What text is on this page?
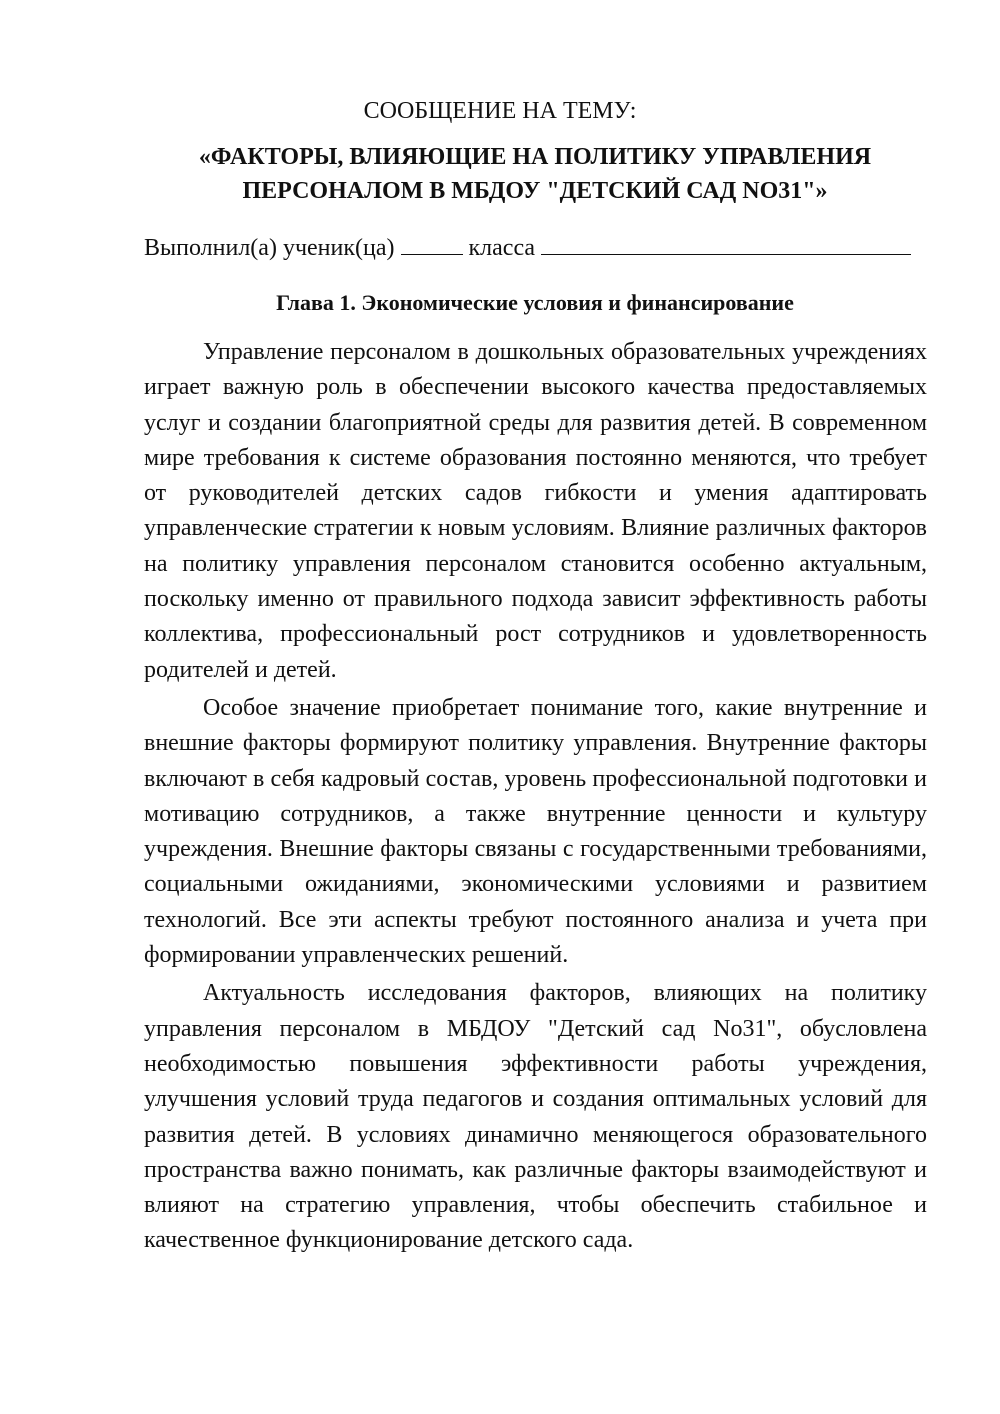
СООБЩЕНИЕ НА ТЕМУ:
«ФАКТОРЫ, ВЛИЯЮЩИЕ НА ПОЛИТИКУ УПРАВЛЕНИЯ
ПЕРСОНАЛОМ В МБДОУ "ДЕТСКИЙ САД NO31"»
Выполнил(а) ученик(ца)	класса
Глава 1. Экономические условия и финансирование

Управление персоналом в дошкольных образовательных учреждениях играет важную роль в обеспечении высокого качества предоставляемых услуг и создании благоприятной среды для развития детей. В современном мире требования к системе образования постоянно меняются, что требует от руководителей детских садов гибкости и умения адаптировать управленческие стратегии к новым условиям. Влияние различных факторов на политику управления персоналом становится особенно актуальным, поскольку именно от правильного подхода зависит эффективность работы коллектива, профессиональный рост сотрудников и удовлетворенность родителей и детей.

Особое значение приобретает понимание того, какие внутренние и внешние факторы формируют политику управления. Внутренние факторы включают в себя кадровый состав, уровень профессиональной подготовки и мотивацию сотрудников, а также внутренние ценности и культуру учреждения. Внешние факторы связаны с государственными требованиями, социальными ожиданиями, экономическими условиями и развитием технологий. Все эти аспекты требуют постоянного анализа и учета при формировании управленческих решений.

Актуальность исследования факторов, влияющих на политику управления персоналом в МБДОУ "Детский сад No31", обусловлена необходимостью повышения эффективности работы учреждения, улучшения условий труда педагогов и создания оптимальных условий для развития детей. В условиях динамично меняющегося образовательного пространства важно понимать, как различные факторы взаимодействуют и влияют на стратегию управления, чтобы обеспечить стабильное и качественное функционирование детского сада.
